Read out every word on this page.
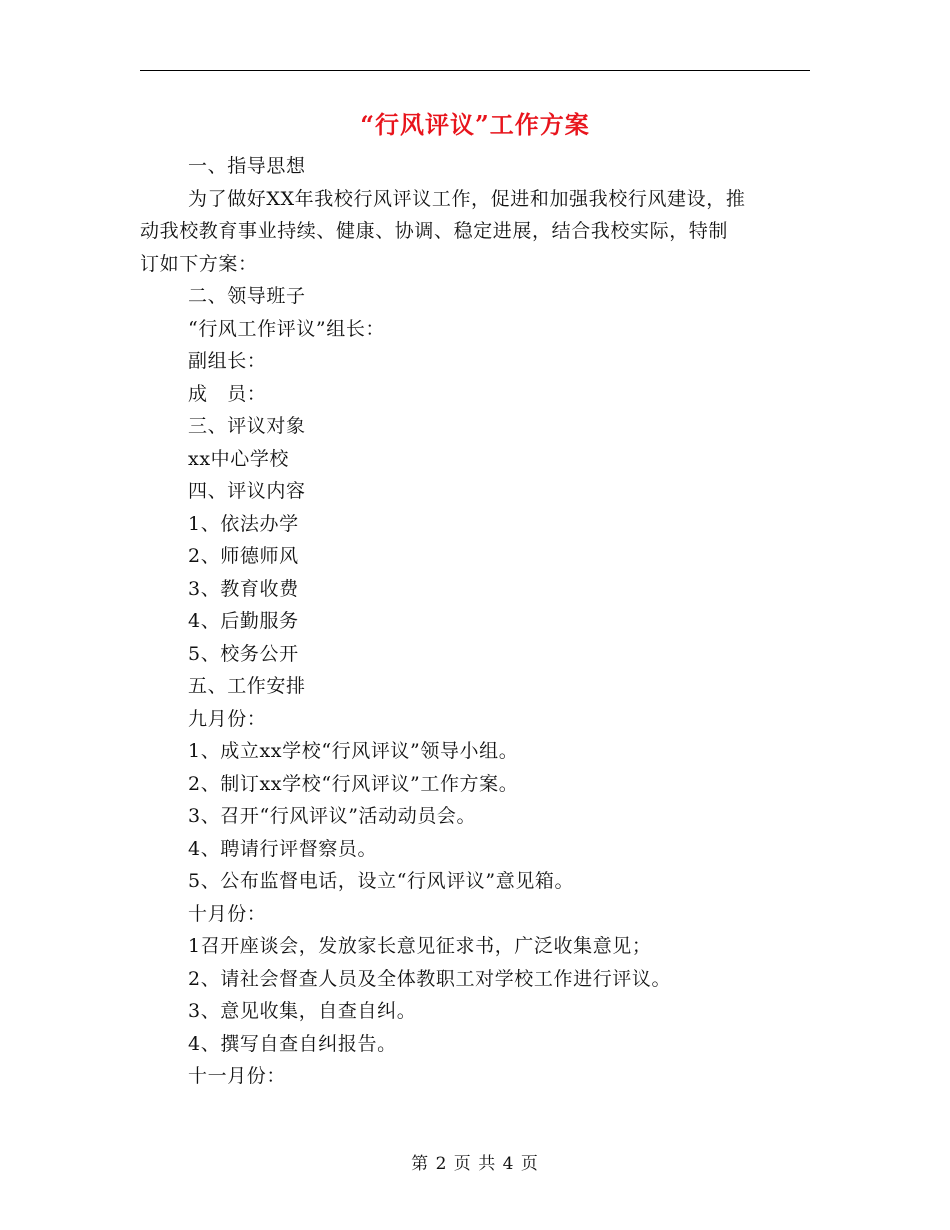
“行风评议”工作方案
一、指导思想
为了做好XX年我校行风评议工作，促进和加强我校行风建设，推
动我校教育事业持续、健康、协调、稳定进展，结合我校实际，特制
订如下方案：
二、领导班子
“行风工作评议”组长：
副组长：
成　员：
三、评议对象
xx中心学校
四、评议内容
1、依法办学
2、师德师风
3、教育收费
4、后勤服务
5、校务公开
五、工作安排
九月份：
1、成立xx学校“行风评议”领导小组。
2、制订xx学校“行风评议”工作方案。
3、召开“行风评议”活动动员会。
4、聘请行评督察员。
5、公布监督电话，设立“行风评议”意见箱。
十月份：
1召开座谈会，发放家长意见征求书，广泛收集意见；
2、请社会督查人员及全体教职工对学校工作进行评议。
3、意见收集，自查自纠。
4、撰写自查自纠报告。
十一月份：
第 2 页 共 4 页
